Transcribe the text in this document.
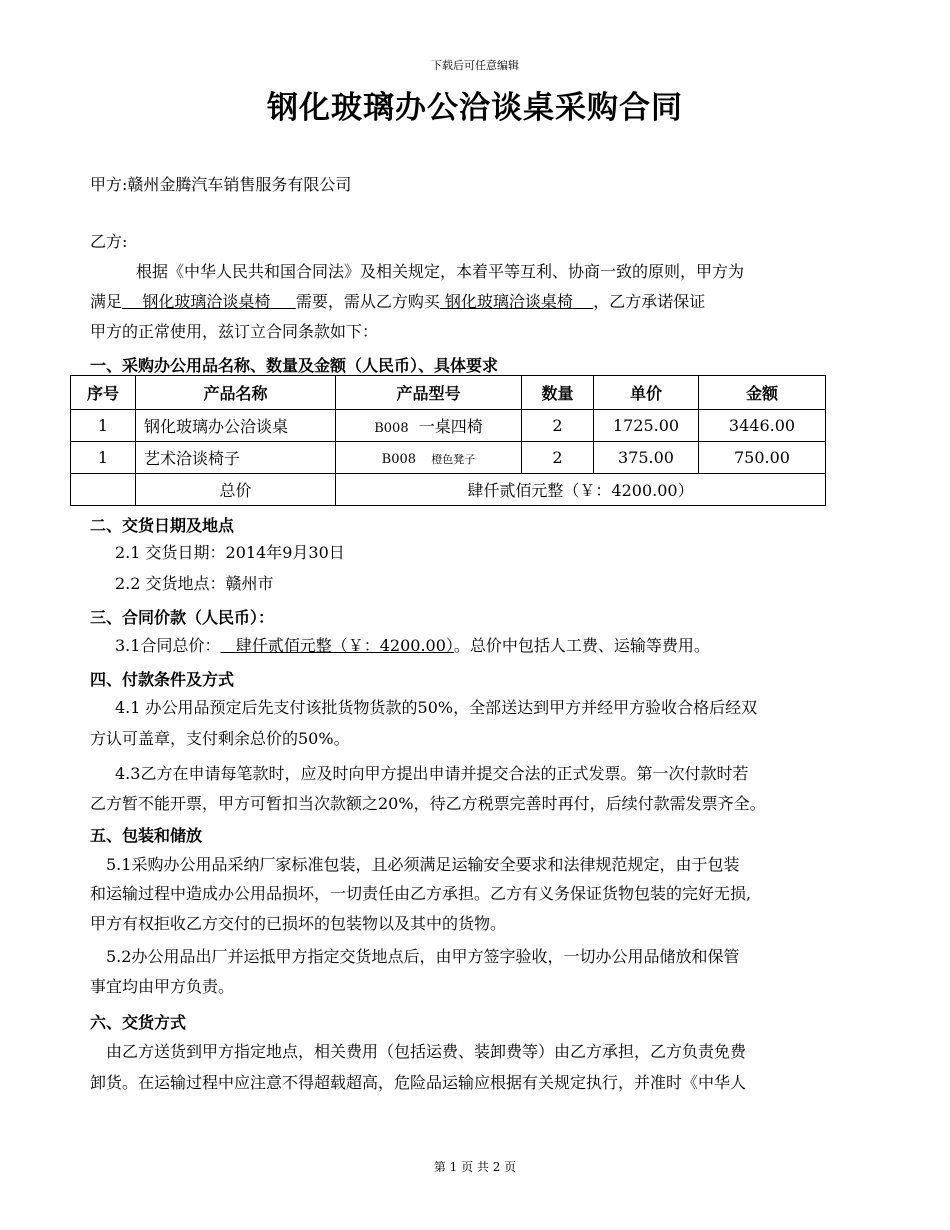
下载后可任意编辑
钢化玻璃办公洽谈桌采购合同
甲方:赣州金腾汽车销售服务有限公司
乙方:
根据《中华人民共和国合同法》及相关规定，本着平等互利、协商一致的原则，甲方为
满足 钢化玻璃洽谈桌椅 需要，需从乙方购买 钢化玻璃洽谈桌椅 ，乙方承诺保证
甲方的正常使用，兹订立合同条款如下：
一、采购办公用品名称、数量及金额（人民币）、具体要求
序号	产品名称	产品型号	数量	单价	金额
1	钢化玻璃办公洽谈桌	B008 一桌四椅	2	1725.00	3446.00
1	艺术洽谈椅子	B008 橙色凳子	2	375.00	750.00
	总价	肆仟贰佰元整（￥：4200.00）			
二、交货日期及地点
2.1 交货日期：2014年9月30日
2.2 交货地点：赣州市
三、合同价款（人民币）：
3.1合同总价： 肆仟贰佰元整（￥：4200.00）。总价中包括人工费、运输等费用。
四、付款条件及方式
4.1 办公用品预定后先支付该批货物货款的50%，全部送达到甲方并经甲方验收合格后经双
方认可盖章，支付剩余总价的50%。
4.3乙方在申请每笔款时，应及时向甲方提出申请并提交合法的正式发票。第一次付款时若
乙方暂不能开票，甲方可暂扣当次款额之20%，待乙方税票完善时再付，后续付款需发票齐全。
五、包装和储放
5.1采购办公用品采纳厂家标准包装，且必须满足运输安全要求和法律规范规定，由于包装
和运输过程中造成办公用品损坏，一切责任由乙方承担。乙方有义务保证货物包装的完好无损,
甲方有权拒收乙方交付的已损坏的包装物以及其中的货物。
5.2办公用品出厂并运抵甲方指定交货地点后，由甲方签字验收，一切办公用品储放和保管
事宜均由甲方负责。
六、交货方式
由乙方送货到甲方指定地点，相关费用（包括运费、装卸费等）由乙方承担，乙方负责免费
卸货。在运输过程中应注意不得超载超高，危险品运输应根据有关规定执行，并准时《中华人
第 1 页 共 2 页
